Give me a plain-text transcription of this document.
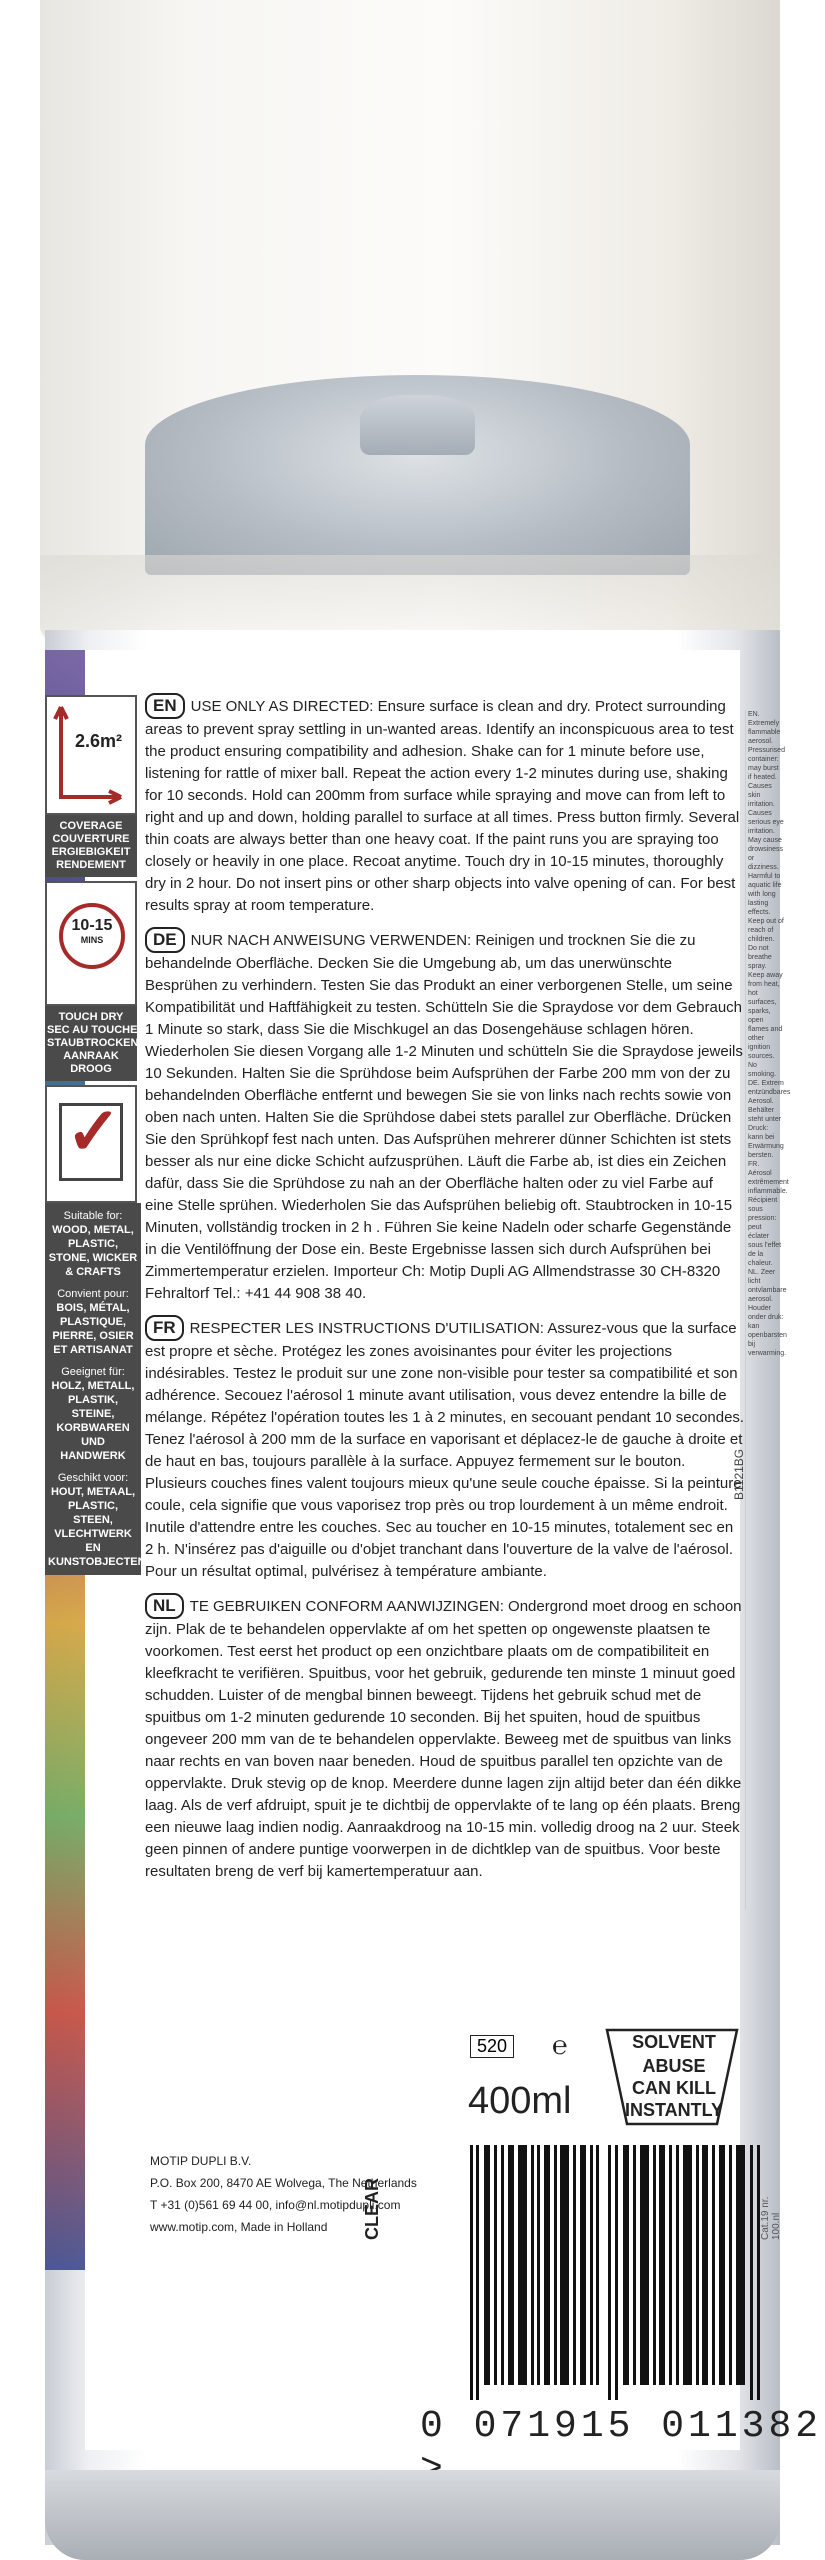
2.6m²
COVERAGE
COUVERTURE
ERGIEBIGKEIT
RENDEMENT
10-15
MINS
TOUCH DRY
SEC AU TOUCHER
STAUBTROCKEN
AANRAAK
DROOG
✓
Suitable for:
WOOD, METAL, PLASTIC, STONE, WICKER & CRAFTS
Convient pour:
BOIS, MÉTAL, PLASTIQUE, PIERRE, OSIER ET ARTISANAT
Geeignet für:
HOLZ, METALL, PLASTIK, STEINE, KORBWAREN UND HANDWERK
Geschikt voor:
HOUT, METAAL, PLASTIC, STEEN, VLECHTWERK EN KUNSTOBJECTEN
EN USE ONLY AS DIRECTED: Ensure surface is clean and dry. Protect surrounding areas to prevent spray settling in un-wanted areas. Identify an inconspicuous area to test the product ensuring compatibility and adhesion. Shake can for 1 minute before use, listening for rattle of mixer ball. Repeat the action every 1-2 minutes during use, shaking for 10 seconds. Hold can 200mm from surface while spraying and move can from left to right and up and down, holding parallel to surface at all times. Press button firmly. Several thin coats are always better than one heavy coat. If the paint runs you are spraying too closely or heavily in one place. Recoat anytime. Touch dry in 10-15 minutes, thoroughly dry in 2 hour. Do not insert pins or other sharp objects into valve opening of can. For best results spray at room temperature.
DE NUR NACH ANWEISUNG VERWENDEN: Reinigen und trocknen Sie die zu behandelnde Oberfläche. Decken Sie die Umgebung ab, um das unerwünschte Besprühen zu verhindern. Testen Sie das Produkt an einer verborgenen Stelle, um seine Kompatibilität und Haftfähigkeit zu testen. Schütteln Sie die Spraydose vor dem Gebrauch 1 Minute so stark, dass Sie die Mischkugel an das Dosengehäuse schlagen hören. Wiederholen Sie diesen Vorgang alle 1-2 Minuten und schütteln Sie die Spraydose jeweils 10 Sekunden. Halten Sie die Sprühdose beim Aufsprühen der Farbe 200 mm von der zu behandelnden Oberfläche entfernt und bewegen Sie sie von links nach rechts sowie von oben nach unten. Halten Sie die Sprühdose dabei stets parallel zur Oberfläche. Drücken Sie den Sprühkopf fest nach unten. Das Aufsprühen mehrerer dünner Schichten ist stets besser als nur eine dicke Schicht aufzusprühen. Läuft die Farbe ab, ist dies ein Zeichen dafür, dass Sie die Sprühdose zu nah an der Oberfläche halten oder zu viel Farbe auf eine Stelle sprühen. Wiederholen Sie das Aufsprühen beliebig oft. Staubtrocken in 10-15 Minuten, vollständig trocken in 2 h . Führen Sie keine Nadeln oder scharfe Gegenstände in die Ventilöffnung der Dose ein. Beste Ergebnisse lassen sich durch Aufsprühen bei Zimmertemperatur erzielen. Importeur Ch: Motip Dupli AG Allmendstrasse 30 CH-8320 Fehraltorf Tel.: +41 44 908 38 40.
FR RESPECTER LES INSTRUCTIONS D'UTILISATION: Assurez-vous que la surface est propre et sèche. Protégez les zones avoisinantes pour éviter les projections indésirables. Testez le produit sur une zone non-visible pour tester sa compatibilité et son adhérence. Secouez l'aérosol 1 minute avant utilisation, vous devez entendre la bille de mélange. Répétez l'opération toutes les 1 à 2 minutes, en secouant pendant 10 secondes. Tenez l'aérosol à 200 mm de la surface en vaporisant et déplacez-le de gauche à droite et de haut en bas, toujours parallèle à la surface. Appuyez fermement sur le bouton. Plusieurs couches fines valent toujours mieux qu'une seule couche épaisse. Si la peinture coule, cela signifie que vous vaporisez trop près ou trop lourdement à un même endroit. Inutile d'attendre entre les couches. Sec au toucher en 10-15 minutes, totalement sec en 2 h. N'insérez pas d'aiguille ou d'objet tranchant dans l'ouverture de la valve de l'aérosol. Pour un résultat optimal, pulvérisez à température ambiante.
NL TE GEBRUIKEN CONFORM AANWIJZINGEN: Ondergrond moet droog en schoon zijn. Plak de te behandelen oppervlakte af om het spetten op ongewenste plaatsen te voorkomen. Test eerst het product op een onzichtbare plaats om de compatibiliteit en kleefkracht te verifiëren. Spuitbus, voor het gebruik, gedurende ten minste 1 minuut goed schudden. Luister of de mengbal binnen beweegt. Tijdens het gebruik schud met de spuitbus om 1-2 minuten gedurende 10 seconden. Bij het spuiten, houd de spuitbus ongeveer 200 mm van de te behandelen oppervlakte. Beweeg met de spuitbus van links naar rechts en van boven naar beneden. Houd de spuitbus parallel ten opzichte van de oppervlakte. Druk stevig op de knop. Meerdere dunne lagen zijn altijd beter dan één dikke laag. Als de verf afdruipt, spuit je te dichtbij de oppervlakte of te lang op één plaats. Breng een nieuwe laag indien nodig. Aanraakdroog na 10-15 min. volledig droog na 2 uur. Steek geen pinnen of andere puntige voorwerpen in de dichtklep van de spuitbus. Voor beste resultaten breng de verf bij kamertemperatuur aan.
EN. Extremely flammable aerosol. Pressurised container: may burst if heated. Causes skin irritation. Causes serious eye irritation. May cause drowsiness or dizziness. Harmful to aquatic life with long lasting effects. Keep out of reach of children. Do not breathe spray. Keep away from heat, hot surfaces, sparks, open flames and other ignition sources. No smoking. DE. Extrem entzündbares Aerosol. Behälter steht unter Druck: kann bei Erwärmung bersten. FR. Aérosol extrêmement inflammable. Récipient sous pression: peut éclater sous l'effet de la chaleur. NL. Zeer licht ontvlambare aerosol. Houder onder druk: kan openbarsten bij verwarming.
B1121BG
Cat.19 nr. 100.nl
520 ℮
400ml
SOLVENT
ABUSE
CAN KILL
INSTANTLY
MOTIP DUPLI B.V.
P.O. Box 200, 8470 AE Wolvega, The Netherlands
T +31 (0)561 69 44 00, info@nl.motipdupli.com
www.motip.com, Made in Holland	CLEAR
0 071915 011382
